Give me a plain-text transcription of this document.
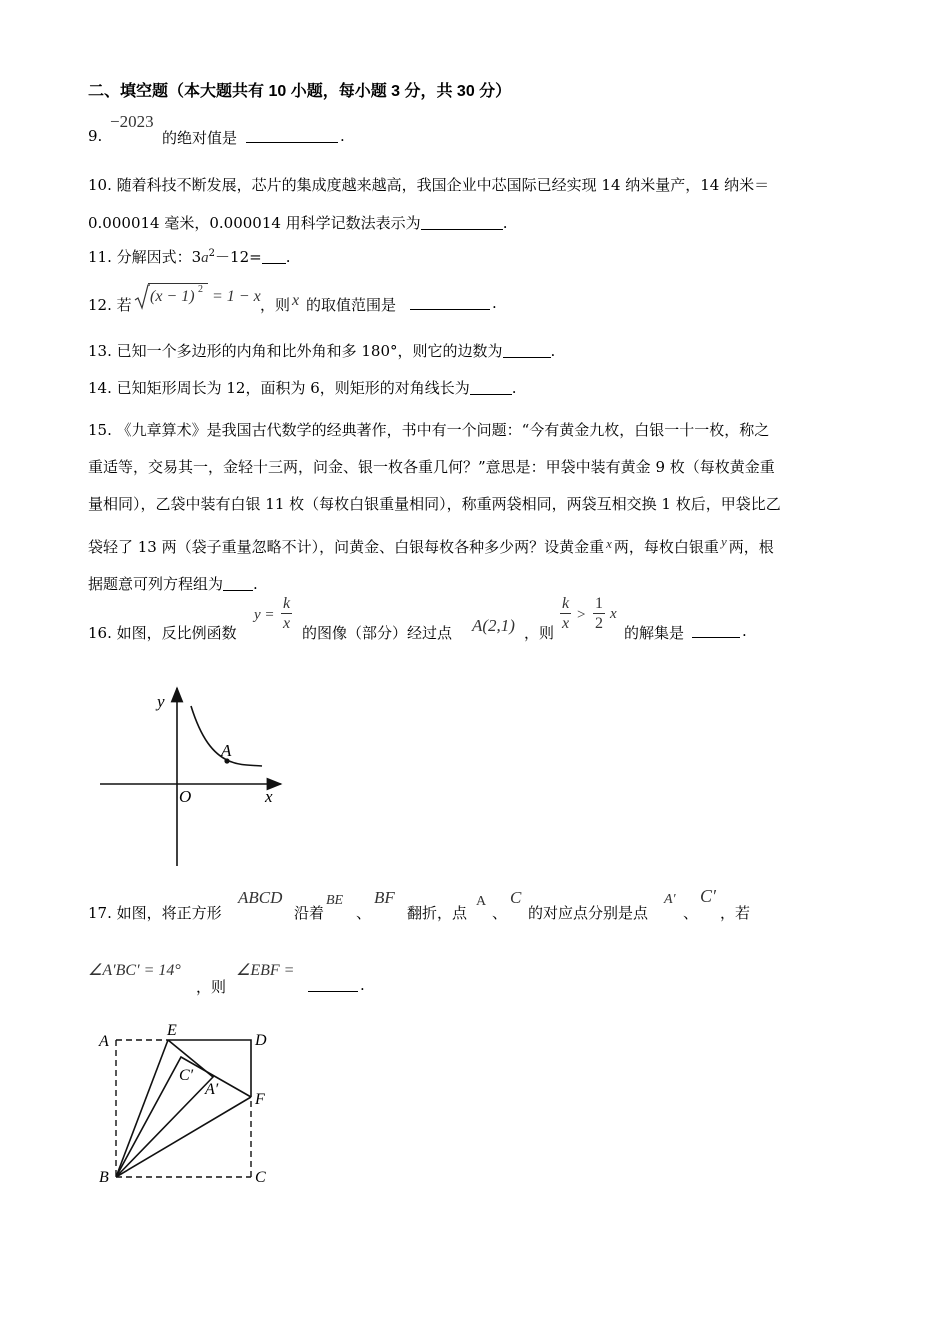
二、填空题（本大题共有 10 小题，每小题 3 分，共 30 分）
9.
−2023
的绝对值是	.
10. 随着科技不断发展，芯片的集成度越来越高，我国企业中芯国际已经实现 14 纳米量产，14 纳米＝
0.000014 毫米，0.000014 用科学记数法表示为	.
11. 分解因式：$3a^2-12=$ .
12. 若 (x − 1) 2 = 1 − x ，则 x 的取值范围是	.
13. 已知一个多边形的内角和比外角和多 180°，则它的边数为	.
14. 已知矩形周长为 12，面积为 6，则矩形的对角线长为	.
15. 《九章算术》是我国古代数学的经典著作，书中有一个问题：“今有黄金九枚，白银一十一枚，称之
重适等，交易其一，金轻十三两，问金、银一枚各重几何？”意思是：甲袋中装有黄金 9 枚（每枚黄金重
量相同），乙袋中装有白银 11 枚（每枚白银重量相同），称重两袋相同，两袋互相交换 1 枚后，甲袋比乙
袋轻了 13 两（袋子重量忽略不计），问黄金、白银每枚各种多少两？设黄金重 x 两，每枚白银重 y 两，根
据题意可列方程组为 .
16. 如图，反比例函数
$y = \frac{k}{x}$
的图像（部分）经过点 A(2,1) ，则
$\frac{k}{x} > \frac{1}{2}$ x
的解集是	.
y
x
O
A
17. 如图，将正方形
ABCD
沿着
BE
、
BF
翻折，点
A
、
C
的对应点分别是点
A′
、
C′
，若
∠A′BC′ = 14°
，则
∠EBF =
.
A
E
D
C′
A′
F
B	C
